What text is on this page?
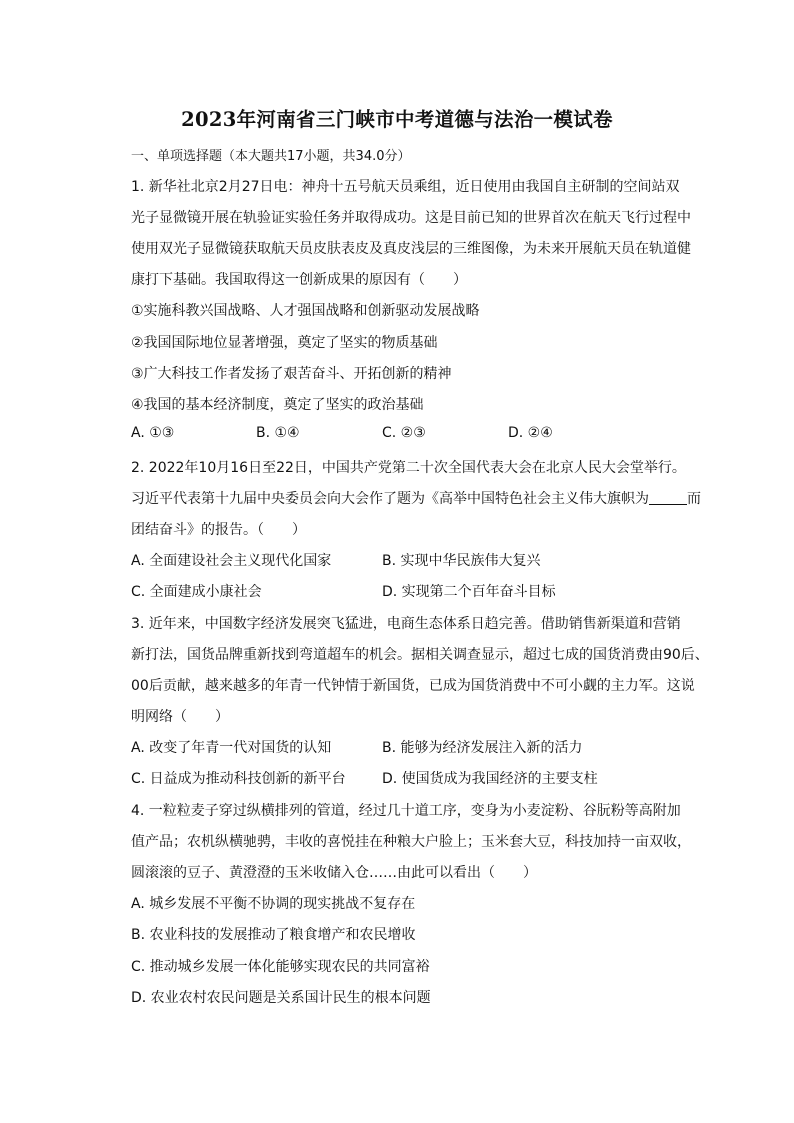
2023年河南省三门峡市中考道德与法治一模试卷
一、单项选择题（本大题共17小题，共34.0分）
1. 新华社北京2月27日电：神舟十五号航天员乘组，近日使用由我国自主研制的空间站双
光子显微镜开展在轨验证实验任务并取得成功。这是目前已知的世界首次在航天飞行过程中
使用双光子显微镜获取航天员皮肤表皮及真皮浅层的三维图像，为未来开展航天员在轨道健
康打下基础。我国取得这一创新成果的原因有（　　）
①实施科教兴国战略、人才强国战略和创新驱动发展战略
②我国国际地位显著增强，奠定了坚实的物质基础
③广大科技工作者发扬了艰苦奋斗、开拓创新的精神
④我国的基本经济制度，奠定了坚实的政治基础
A. ①③	B. ①④	C. ②③	D. ②④
2. 2022年10月16日至22日，中国共产党第二十次全国代表大会在北京人民大会堂举行。
习近平代表第十九届中央委员会向大会作了题为《高举中国特色社会主义伟大旗帜为	而
团结奋斗》的报告。（　　）
A. 全面建设社会主义现代化国家	B. 实现中华民族伟大复兴
C. 全面建成小康社会	D. 实现第二个百年奋斗目标
3. 近年来，中国数字经济发展突飞猛进，电商生态体系日趋完善。借助销售新渠道和营销
新打法，国货品牌重新找到弯道超车的机会。据相关调查显示，超过七成的国货消费由90后、
00后贡献，越来越多的年青一代钟情于新国货，已成为国货消费中不可小觑的主力军。这说
明网络（　　）
A. 改变了年青一代对国货的认知	B. 能够为经济发展注入新的活力
C. 日益成为推动科技创新的新平台	D. 使国货成为我国经济的主要支柱
4. 一粒粒麦子穿过纵横排列的管道，经过几十道工序，变身为小麦淀粉、谷朊粉等高附加
值产品；农机纵横驰骋，丰收的喜悦挂在种粮大户脸上；玉米套大豆，科技加持一亩双收，
圆滚滚的豆子、黄澄澄的玉米收储入仓……由此可以看出（　　）
A. 城乡发展不平衡不协调的现实挑战不复存在
B. 农业科技的发展推动了粮食增产和农民增收
C. 推动城乡发展一体化能够实现农民的共同富裕
D. 农业农村农民问题是关系国计民生的根本问题
